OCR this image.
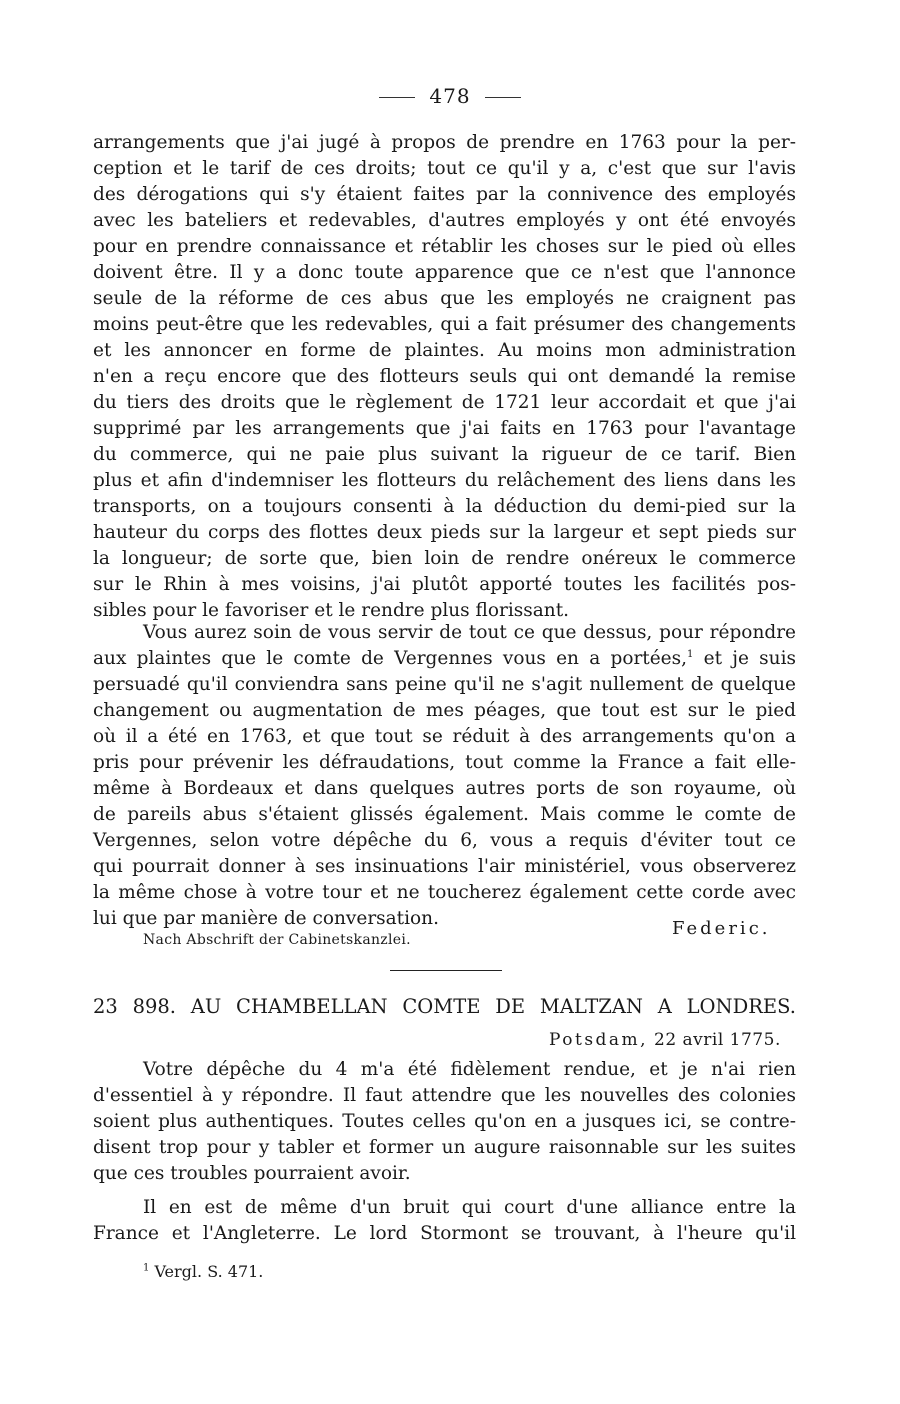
478
arrangements que j'ai jugé à propos de prendre en 1763 pour la per-
ception et le tarif de ces droits; tout ce qu'il y a, c'est que sur l'avis
des dérogations qui s'y étaient faites par la connivence des employés
avec les bateliers et redevables, d'autres employés y ont été envoyés
pour en prendre connaissance et rétablir les choses sur le pied où elles
doivent être. Il y a donc toute apparence que ce n'est que l'annonce
seule de la réforme de ces abus que les employés ne craignent pas
moins peut-être que les redevables, qui a fait présumer des changements
et les annoncer en forme de plaintes. Au moins mon administration
n'en a reçu encore que des flotteurs seuls qui ont demandé la remise
du tiers des droits que le règlement de 1721 leur accordait et que j'ai
supprimé par les arrangements que j'ai faits en 1763 pour l'avantage
du commerce, qui ne paie plus suivant la rigueur de ce tarif. Bien
plus et afin d'indemniser les flotteurs du relâchement des liens dans les
transports, on a toujours consenti à la déduction du demi-pied sur la
hauteur du corps des flottes deux pieds sur la largeur et sept pieds sur
la longueur; de sorte que, bien loin de rendre onéreux le commerce
sur le Rhin à mes voisins, j'ai plutôt apporté toutes les facilités pos-
sibles pour le favoriser et le rendre plus florissant.
Vous aurez soin de vous servir de tout ce que dessus, pour répondre
aux plaintes que le comte de Vergennes vous en a portées,$^1$ et je suis
persuadé qu'il conviendra sans peine qu'il ne s'agit nullement de quelque
changement ou augmentation de mes péages, que tout est sur le pied
où il a été en 1763, et que tout se réduit à des arrangements qu'on a
pris pour prévenir les défraudations, tout comme la France a fait elle-
même à Bordeaux et dans quelques autres ports de son royaume, où
de pareils abus s'étaient glissés également. Mais comme le comte de
Vergennes, selon votre dépêche du 6, vous a requis d'éviter tout ce
qui pourrait donner à ses insinuations l'air ministériel, vous observerez
la même chose à votre tour et ne toucherez également cette corde avec
lui que par manière de conversation.	Federic.
Nach Abschrift der Cabinetskanzlei.
23 898. AU CHAMBELLAN COMTE DE MALTZAN A LONDRES.
Potsdam, 22 avril 1775.
Votre dépêche du 4 m'a été fidèlement rendue, et je n'ai rien
d'essentiel à y répondre. Il faut attendre que les nouvelles des colonies
soient plus authentiques. Toutes celles qu'on en a jusques ici, se contre-
disent trop pour y tabler et former un augure raisonnable sur les suites
que ces troubles pourraient avoir.
Il en est de même d'un bruit qui court d'une alliance entre la
France et l'Angleterre. Le lord Stormont se trouvant, à l'heure qu'il
$^1$ Vergl. S. 471.
